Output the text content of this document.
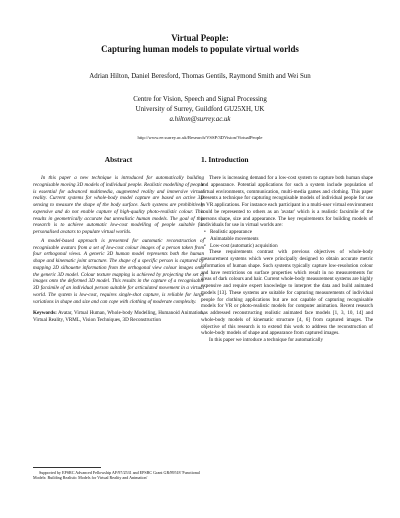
Virtual People:
Capturing human models to populate virtual worlds
Adrian Hilton, Daniel Beresford, Thomas Gentils, Raymond Smith and Wei Sun
Centre for Vision, Speech and Signal Processing
University of Surrey, Guildford GU25XH, UK
a.hilton@surrey.ac.uk
http://www.ee.surrey.ac.uk/Research/VSSP/3DVision/VirtualPeople
Abstract

In this paper a new technique is introduced for automatically building recognisable moving 3D models of individual people. Realistic modelling of people is essential for advanced multimedia, augmented reality and immersive virtual reality. Current systems for whole-body model capture are based on active 3D sensing to measure the shape of the body surface. Such systems are prohibitively expensive and do not enable capture of high-quality photo-realistic colour. This results in geometrically accurate but unrealistic human models. The goal of this research is to achieve automatic low-cost modelling of people suitable for personalised avatars to populate virtual worlds.

A model-based approach is presented for automatic reconstruction of recognisable avatars from a set of low-cost colour images of a person taken from four orthogonal views. A generic 3D human model represents both the human shape and kinematic joint structure. The shape of a specific person is captured by mapping 2D silhouette information from the orthogonal view colour images onto the generic 3D model. Colour texture mapping is achieved by projecting the set of images onto the deformed 3D model. This results in the capture of a recognisable 3D facsimile of an individual person suitable for articulated movement in a virtual world. The system is low-cost, requires single-shot capture, is reliable for large variations in shape and size and can cope with clothing of moderate complexity.

Keywords: Avatar, Virtual Human, Whole-body Modelling, Humanoid Animation, Virtual Reality, VRML, Vision Techniques, 3D Reconstruction
Supported by EPSRC Advanced Fellowship AF/97/2531 and EPSRC Grant GR/89518 'Functional Models: Building Realistic Models for Virtual Reality and Animation'
1. Introduction

There is increasing demand for a low-cost system to capture both human shape and appearance. Potential applications for such a system include population of virtual environments, communication, multi-media games and clothing. This paper presents a technique for capturing recognisable models of individual people for use in VR applications. For instance each participant in a multi-user virtual environment could be represented to others as an 'avatar' which is a realistic facsimile of the persons shape, size and appearance. The key requirements for building models of individuals for use in virtual worlds are:

• Realistic appearance
• Animatable movements
• Low-cost (automatic) acquisition

These requirements contrast with previous objectives of whole-body measurement systems which were principally designed to obtain accurate metric information of human shape. Such systems typically capture low-resolution colour and have restrictions on surface properties which result in no measurements for areas of dark colours and hair. Current whole-body measurement systems are highly expensive and require expert knowledge to interpret the data and build animated models [13]. These systems are suitable for capturing measurements of individual people for clothing applications but are not capable of capturing recognisable models for VR or photo-realistic models for computer animation. Recent research has addressed reconstructing realistic animated face models [1, 3, 10, 14] and whole-body models of kinematic structure [4, 6] from captured images. The objective of this research is to extend this work to address the reconstruction of whole-body models of shape and appearance from captured images.

In this paper we introduce a technique for automatically
